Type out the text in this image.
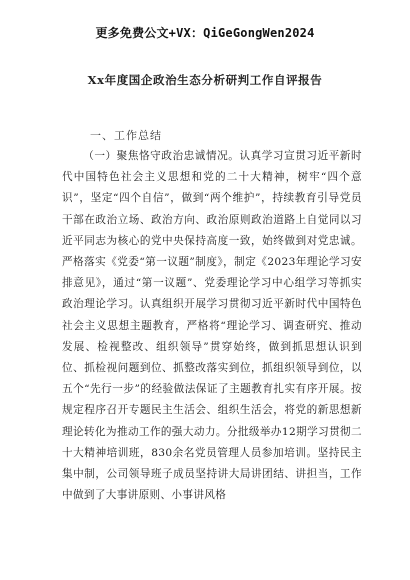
更多免费公文+VX：QiGeGongWen2024
Xx年度国企政治生态分析研判工作自评报告
一、工作总结

（一）聚焦恪守政治忠诚情况。认真学习宣贯习近平新时代中国特色社会主义思想和党的二十大精神，树牢“四个意识”，坚定“四个自信”，做到“两个维护”，持续教育引导党员干部在政治立场、政治方向、政治原则政治道路上自觉同以习近平同志为核心的党中央保持高度一致，始终做到对党忠诚。严格落实《党委“第一议题”制度》，制定《2023年理论学习安排意见》，通过“第一议题”、党委理论学习中心组学习等抓实政治理论学习。认真组织开展学习贯彻习近平新时代中国特色社会主义思想主题教育，严格将“理论学习、调查研究、推动发展、检视整改、组织领导”贯穿始终，做到抓思想认识到位、抓检视问题到位、抓整改落实到位，抓组织领导到位，以五个“先行一步”的经验做法保证了主题教育扎实有序开展。按规定程序召开专题民主生活会、组织生活会，将党的新思想新理论转化为推动工作的强大动力。分批级举办12期学习贯彻二十大精神培训班，830余名党员管理人员参加培训。坚持民主集中制，公司领导班子成员坚持讲大局讲团结、讲担当，工作中做到了大事讲原则、小事讲风格
